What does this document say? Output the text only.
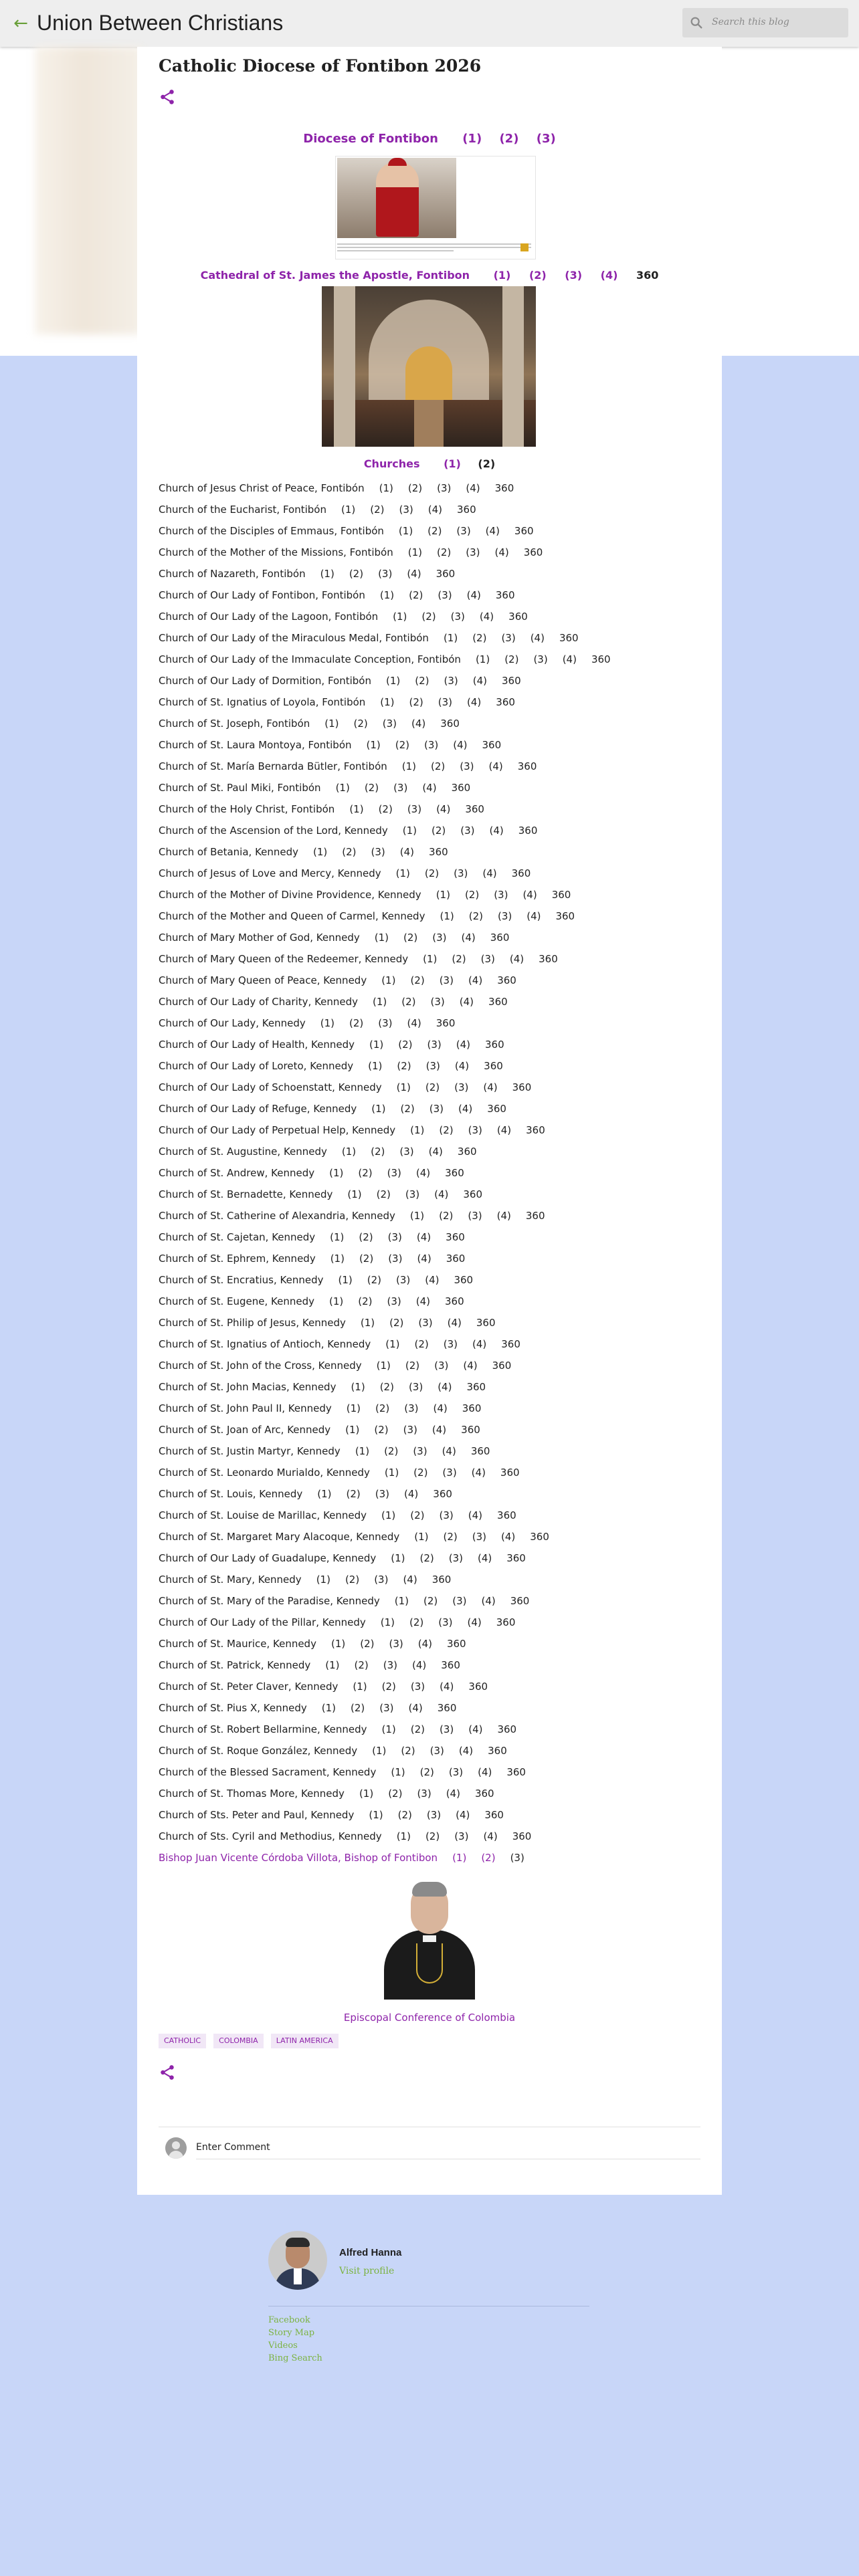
← Union Between Christians	Search this blog
Catholic Diocese of Fontibon 2026
Diocese of Fontibon (1) (2) (3)
Cathedral of St. James the Apostle, Fontibon (1) (2) (3) (4) 360
Churches (1) (2)
Church of Jesus Christ of Peace, Fontibón (1) (2) (3) (4) 360
Church of the Eucharist, Fontibón (1) (2) (3) (4) 360
Church of the Disciples of Emmaus, Fontibón (1) (2) (3) (4) 360
Church of the Mother of the Missions, Fontibón (1) (2) (3) (4) 360
Church of Nazareth, Fontibón (1) (2) (3) (4) 360
Church of Our Lady of Fontibon, Fontibón (1) (2) (3) (4) 360
Church of Our Lady of the Lagoon, Fontibón (1) (2) (3) (4) 360
Church of Our Lady of the Miraculous Medal, Fontibón (1) (2) (3) (4) 360
Church of Our Lady of the Immaculate Conception, Fontibón (1) (2) (3) (4) 360
Church of Our Lady of Dormition, Fontibón (1) (2) (3) (4) 360
Church of St. Ignatius of Loyola, Fontibón (1) (2) (3) (4) 360
Church of St. Joseph, Fontibón (1) (2) (3) (4) 360
Church of St. Laura Montoya, Fontibón (1) (2) (3) (4) 360
Church of St. María Bernarda Bütler, Fontibón (1) (2) (3) (4) 360
Church of St. Paul Miki, Fontibón (1) (2) (3) (4) 360
Church of the Holy Christ, Fontibón (1) (2) (3) (4) 360
Church of the Ascension of the Lord, Kennedy (1) (2) (3) (4) 360
Church of Betania, Kennedy (1) (2) (3) (4) 360
Church of Jesus of Love and Mercy, Kennedy (1) (2) (3) (4) 360
Church of the Mother of Divine Providence, Kennedy (1) (2) (3) (4) 360
Church of the Mother and Queen of Carmel, Kennedy (1) (2) (3) (4) 360
Church of Mary Mother of God, Kennedy (1) (2) (3) (4) 360
Church of Mary Queen of the Redeemer, Kennedy (1) (2) (3) (4) 360
Church of Mary Queen of Peace, Kennedy (1) (2) (3) (4) 360
Church of Our Lady of Charity, Kennedy (1) (2) (3) (4) 360
Church of Our Lady, Kennedy (1) (2) (3) (4) 360
Church of Our Lady of Health, Kennedy (1) (2) (3) (4) 360
Church of Our Lady of Loreto, Kennedy (1) (2) (3) (4) 360
Church of Our Lady of Schoenstatt, Kennedy (1) (2) (3) (4) 360
Church of Our Lady of Refuge, Kennedy (1) (2) (3) (4) 360
Church of Our Lady of Perpetual Help, Kennedy (1) (2) (3) (4) 360
Church of St. Augustine, Kennedy (1) (2) (3) (4) 360
Church of St. Andrew, Kennedy (1) (2) (3) (4) 360
Church of St. Bernadette, Kennedy (1) (2) (3) (4) 360
Church of St. Catherine of Alexandria, Kennedy (1) (2) (3) (4) 360
Church of St. Cajetan, Kennedy (1) (2) (3) (4) 360
Church of St. Ephrem, Kennedy (1) (2) (3) (4) 360
Church of St. Encratius, Kennedy (1) (2) (3) (4) 360
Church of St. Eugene, Kennedy (1) (2) (3) (4) 360
Church of St. Philip of Jesus, Kennedy (1) (2) (3) (4) 360
Church of St. Ignatius of Antioch, Kennedy (1) (2) (3) (4) 360
Church of St. John of the Cross, Kennedy (1) (2) (3) (4) 360
Church of St. John Macias, Kennedy (1) (2) (3) (4) 360
Church of St. John Paul II, Kennedy (1) (2) (3) (4) 360
Church of St. Joan of Arc, Kennedy (1) (2) (3) (4) 360
Church of St. Justin Martyr, Kennedy (1) (2) (3) (4) 360
Church of St. Leonardo Murialdo, Kennedy (1) (2) (3) (4) 360
Church of St. Louis, Kennedy (1) (2) (3) (4) 360
Church of St. Louise de Marillac, Kennedy (1) (2) (3) (4) 360
Church of St. Margaret Mary Alacoque, Kennedy (1) (2) (3) (4) 360
Church of Our Lady of Guadalupe, Kennedy (1) (2) (3) (4) 360
Church of St. Mary, Kennedy (1) (2) (3) (4) 360
Church of St. Mary of the Paradise, Kennedy (1) (2) (3) (4) 360
Church of Our Lady of the Pillar, Kennedy (1) (2) (3) (4) 360
Church of St. Maurice, Kennedy (1) (2) (3) (4) 360
Church of St. Patrick, Kennedy (1) (2) (3) (4) 360
Church of St. Peter Claver, Kennedy (1) (2) (3) (4) 360
Church of St. Pius X, Kennedy (1) (2) (3) (4) 360
Church of St. Robert Bellarmine, Kennedy (1) (2) (3) (4) 360
Church of St. Roque González, Kennedy (1) (2) (3) (4) 360
Church of the Blessed Sacrament, Kennedy (1) (2) (3) (4) 360
Church of St. Thomas More, Kennedy (1) (2) (3) (4) 360
Church of Sts. Peter and Paul, Kennedy (1) (2) (3) (4) 360
Church of Sts. Cyril and Methodius, Kennedy (1) (2) (3) (4) 360
Bishop Juan Vicente Córdoba Villota, Bishop of Fontibon (1) (2) (3)
Episcopal Conference of Colombia
CATHOLIC COLOMBIA LATIN AMERICA
Enter Comment
Alfred Hanna
Visit profile
Facebook
Story Map
Videos
Bing Search
